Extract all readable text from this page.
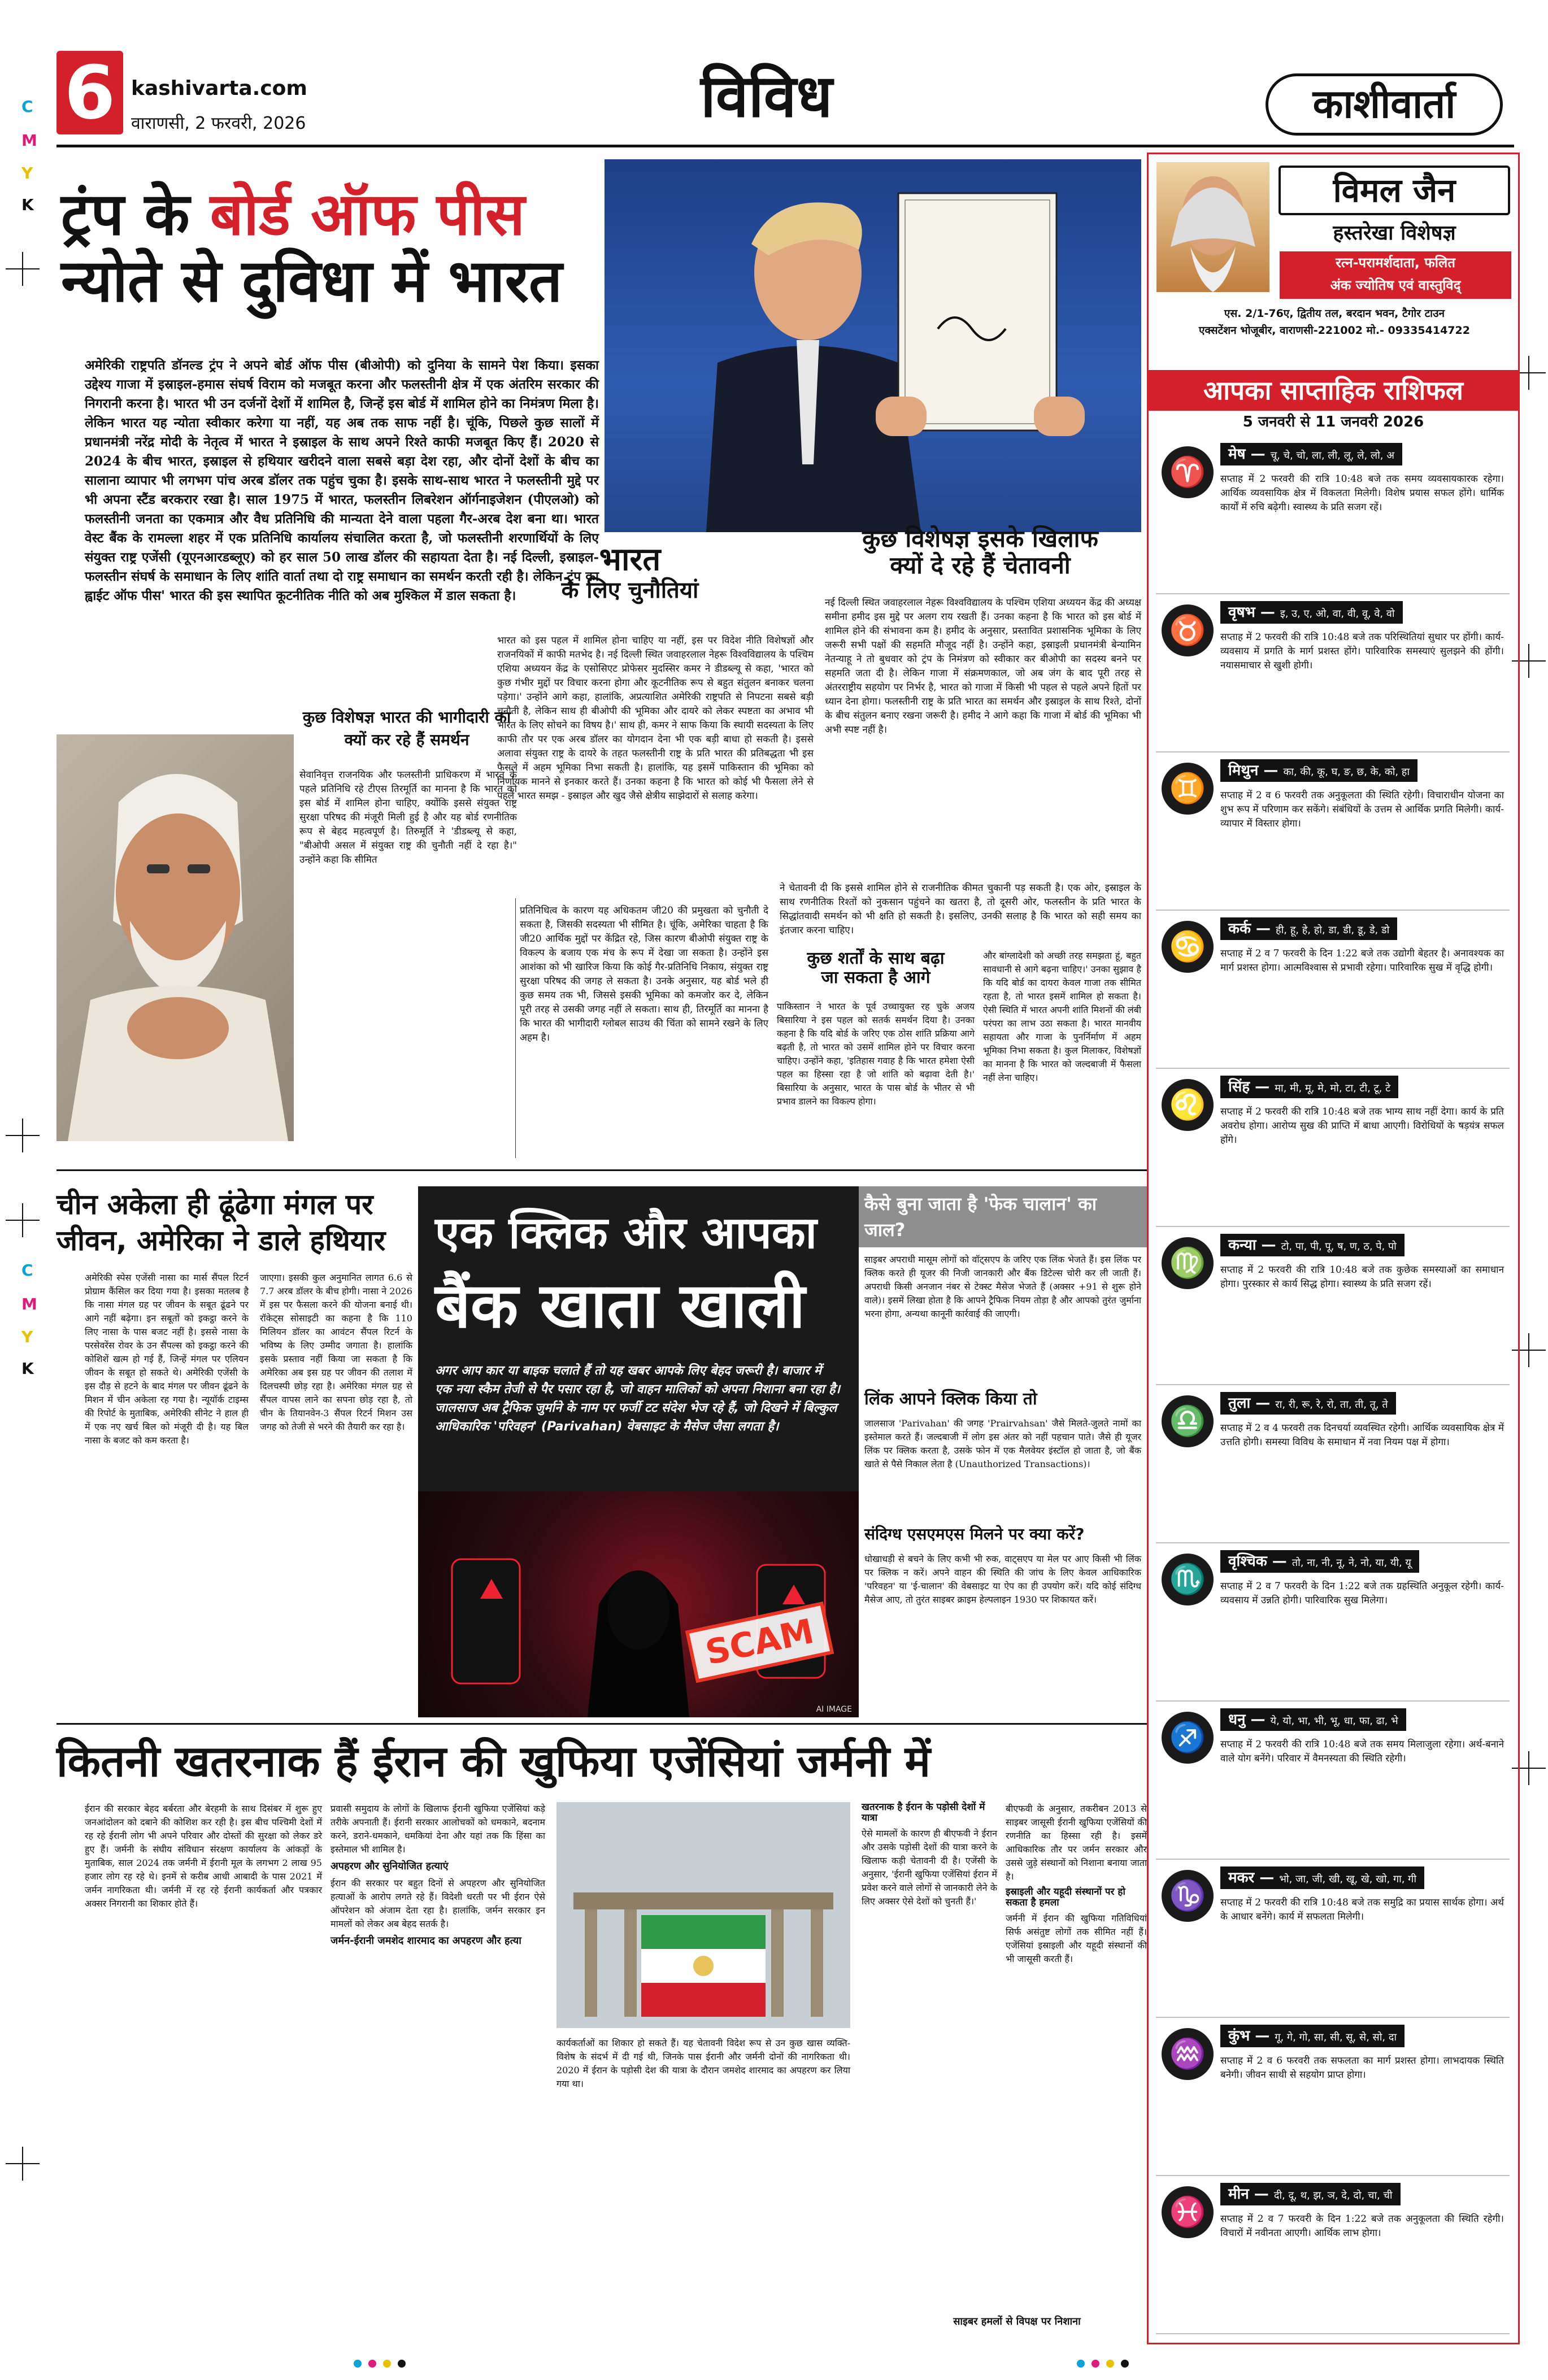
6 kashivarta.com
वाराणसी, 2 फरवरी, 2026	विविध	काशीवार्ता
C
M
Y
K
C
M
Y
K
ट्रंप के बोर्ड ऑफ पीस
न्योते से दुविधा में भारत
अमेरिकी राष्ट्रपति डॉनल्ड ट्रंप ने अपने बोर्ड ऑफ पीस (बीओपी) को दुनिया के सामने पेश किया। इसका उद्देश्य गाजा में इस्राइल-हमास संघर्ष विराम को मजबूत करना और फलस्तीनी क्षेत्र में एक अंतरिम सरकार की निगरानी करना है। भारत भी उन दर्जनों देशों में शामिल है, जिन्हें इस बोर्ड में शामिल होने का निमंत्रण मिला है। लेकिन भारत यह न्योता स्वीकार करेगा या नहीं, यह अब तक साफ नहीं है। चूंकि, पिछले कुछ सालों में प्रधानमंत्री नरेंद्र मोदी के नेतृत्व में भारत ने इस्राइल के साथ अपने रिश्ते काफी मजबूत किए हैं। 2020 से 2024 के बीच भारत, इस्राइल से हथियार खरीदने वाला सबसे बड़ा देश रहा, और दोनों देशों के बीच का सालाना व्यापार भी लगभग पांच अरब डॉलर तक पहुंच चुका है। इसके साथ-साथ भारत ने फलस्तीनी मुद्दे पर भी अपना स्टैंड बरकरार रखा है। साल 1975 में भारत, फलस्तीन लिबरेशन ऑर्गनाइजेशन (पीएलओ) को फलस्तीनी जनता का एकमात्र और वैध प्रतिनिधि की मान्यता देने वाला पहला गैर-अरब देश बना था। भारत वेस्ट बैंक के रामल्ला शहर में एक प्रतिनिधि कार्यालय संचालित करता है, जो फलस्तीनी शरणार्थियों के लिए संयुक्त राष्ट्र एजेंसी (यूएनआरडब्लूए) को हर साल 50 लाख डॉलर की सहायता देता है। नई दिल्ली, इस्राइल-फलस्तीन संघर्ष के समाधान के लिए शांति वार्ता तथा दो राष्ट्र समाधान का समर्थन करती रही है। लेकिन ट्रंप का ह्वाईट ऑफ पीस' भारत की इस स्थापित कूटनीतिक नीति को अब मुश्किल में डाल सकता है।
कुछ विशेषज्ञ भारत की भागीदारी का क्यों कर रहे हैं समर्थन
सेवानिवृत्त राजनयिक और फलस्तीनी प्राधिकरण में भारत के पहले प्रतिनिधि रहे टीएस तिरमूर्ति का मानना है कि भारत को इस बोर्ड में शामिल होना चाहिए, क्योंकि इससे संयुक्त राष्ट्र सुरक्षा परिषद की मंजूरी मिली हुई है और यह बोर्ड रणनीतिक रूप से बेहद महत्वपूर्ण है। तिरुमूर्ति ने 'डीडब्ल्यू से कहा, "बीओपी असल में संयुक्त राष्ट्र की चुनौती नहीं दे रहा है।" उन्होंने कहा कि सीमित
भारत
के लिए चुनौतियां
भारत को इस पहल में शामिल होना चाहिए या नहीं, इस पर विदेश नीति विशेषज्ञों और राजनयिकों में काफी मतभेद है। नई दिल्ली स्थित जवाहरलाल नेहरू विश्वविद्यालय के पश्चिम एशिया अध्ययन केंद्र के एसोसिएट प्रोफेसर मुदस्सिर कमर ने डीडब्ल्यू से कहा, 'भारत को कुछ गंभीर मुद्दों पर विचार करना होगा और कूटनीतिक रूप से बहुत संतुलन बनाकर चलना पड़ेगा।' उन्होंने आगे कहा, हालांकि, अप्रत्याशित अमेरिकी राष्ट्रपति से निपटना सबसे बड़ी चुनौती है, लेकिन साथ ही बीओपी की भूमिका और दायरे को लेकर स्पष्टता का अभाव भी भारत के लिए सोचने का विषय है।' साथ ही, कमर ने साफ किया कि स्थायी सदस्यता के लिए काफी तौर पर एक अरब डॉलर का योगदान देना भी एक बड़ी बाधा हो सकती है। इससे अलावा संयुक्त राष्ट्र के दायरे के तहत फलस्तीनी राष्ट्र के प्रति भारत की प्रतिबद्धता भी इस फैसले में अहम भूमिका निभा सकती है। हालांकि, यह इसमें पाकिस्तान की भूमिका को निर्णायक मानने से इनकार करते हैं। उनका कहना है कि भारत को कोई भी फैसला लेने से पहले भारत समझ - इस्राइल और खुद जैसे क्षेत्रीय साझेदारों से सलाह करेगा।
प्रतिनिधित्व के कारण यह अधिकतम जी20 की प्रमुखता को चुनौती दे सकता है, जिसकी सदस्यता भी सीमित है। चूंकि, अमेरिका चाहता है कि जी20 आर्थिक मुद्दों पर केंद्रित रहे, जिस कारण बीओपी संयुक्त राष्ट्र के विकल्प के बजाय एक मंच के रूप में देखा जा सकता है। उन्होंने इस आशंका को भी खारिज किया कि कोई गैर-प्रतिनिधि निकाय, संयुक्त राष्ट्र सुरक्षा परिषद की जगह ले सकता है। उनके अनुसार, यह बोर्ड भले ही कुछ समय तक भी, जिससे इसकी भूमिका को कमजोर कर दे, लेकिन पूरी तरह से उसकी जगह नहीं ले सकता। साथ ही, तिरमूर्ति का मानना है कि भारत की भागीदारी ग्लोबल साउथ की चिंता को सामने रखने के लिए अहम है।
कुछ विशेषज्ञ इसके खिलाफ
क्यों दे रहे हैं चेतावनी
नई दिल्ली स्थित जवाहरलाल नेहरू विश्वविद्यालय के पश्चिम एशिया अध्ययन केंद्र की अध्यक्ष समीना हमीद इस मुद्दे पर अलग राय रखती हैं। उनका कहना है कि भारत को इस बोर्ड में शामिल होने की संभावना कम है। हमीद के अनुसार, प्रस्तावित प्रशासनिक भूमिका के लिए जरूरी सभी पक्षों की सहमति मौजूद नहीं है। उन्होंने कहा, इस्राइली प्रधानमंत्री बेन्यामिन नेतन्याहू ने तो बुधवार को ट्रंप के निमंत्रण को स्वीकार कर बीओपी का सदस्य बनने पर सहमति जता दी है। लेकिन गाजा में संक्रमणकाल, जो अब जंग के बाद पूरी तरह से अंतरराष्ट्रीय सहयोग पर निर्भर है, भारत को गाजा में किसी भी पहल से पहले अपने हितों पर ध्यान देना होगा। फलस्तीनी राष्ट्र के प्रति भारत का समर्थन और इस्राइल के साथ रिश्ते, दोनों के बीच संतुलन बनाए रखना जरूरी है। हमीद ने आगे कहा कि गाजा में बोर्ड की भूमिका भी अभी स्पष्ट नहीं है।
ने चेतावनी दी कि इससे शामिल होने से राजनीतिक कीमत चुकानी पड़ सकती है। एक ओर, इस्राइल के साथ रणनीतिक रिश्तों को नुकसान पहुंचने का खतरा है, तो दूसरी ओर, फलस्तीन के प्रति भारत के सिद्धांतवादी समर्थन को भी क्षति हो सकती है। इसलिए, उनकी सलाह है कि भारत को सही समय का इंतजार करना चाहिए।
कुछ शर्तों के साथ बढ़ा
जा सकता है आगे
पाकिस्तान ने भारत के पूर्व उच्चायुक्त रह चुके अजय बिसारिया ने इस पहल को सतर्क समर्थन दिया है। उनका कहना है कि यदि बोर्ड के जरिए एक ठोस शांति प्रक्रिया आगे बढ़ती है, तो भारत को उसमें शामिल होने पर विचार करना चाहिए। उन्होंने कहा, 'इतिहास गवाह है कि भारत हमेशा ऐसी पहल का हिस्सा रहा है जो शांति को बढ़ावा देती है।' बिसारिया के अनुसार, भारत के पास बोर्ड के भीतर से भी प्रभाव डालने का विकल्प होगा।
और बांग्लादेशी को अच्छी तरह समझता हूं, बहुत सावधानी से आगे बढ़ना चाहिए।' उनका सुझाव है कि यदि बोर्ड का दायरा केवल गाजा तक सीमित रहता है, तो भारत इसमें शामिल हो सकता है। ऐसी स्थिति में भारत अपनी शांति मिशनों की लंबी परंपरा का लाभ उठा सकता है। भारत मानवीय सहायता और गाजा के पुनर्निर्माण में अहम भूमिका निभा सकता है। कुल मिलाकर, विशेषज्ञों का मानना है कि भारत को जल्दबाजी में फैसला नहीं लेना चाहिए।
चीन अकेला ही ढूंढेगा मंगल पर
जीवन, अमेरिका ने डाले हथियार
अमेरिकी स्पेस एजेंसी नासा का मार्स सैंपल रिटर्न प्रोग्राम कैंसिल कर दिया गया है। इसका मतलब है कि नासा मंगल ग्रह पर जीवन के सबूत ढूंढने पर आगे नहीं बढ़ेगा। इन सबूतों को इकट्ठा करने के लिए नासा के पास बजट नहीं है। इससे नासा के परसेवरेंस रोवर के उन सैंपल्स को इकट्ठा करने की कोशिशें खत्म हो गई हैं, जिन्हें मंगल पर एलियन जीवन के सबूत हो सकते थे। अमेरिकी एजेंसी के इस दौड़ से हटने के बाद मंगल पर जीवन ढूंढने के मिशन में चीन अकेला रह गया है। न्यूयॉर्क टाइम्स की रिपोर्ट के मुताबिक, अमेरिकी सीनेट ने हाल ही में एक नए खर्च बिल को मंजूरी दी है। यह बिल नासा के बजट को कम करता है।
जाएगा। इसकी कुल अनुमानित लागत 6.6 से 7.7 अरब डॉलर के बीच होगी। नासा ने 2026 में इस पर फैसला करने की योजना बनाई थी। रॉकेट्स सोसाइटी का कहना है कि 110 मिलियन डॉलर का आवंटन सैंपल रिटर्न के भविष्य के लिए उम्मीद जगाता है। हालांकि इसके प्रस्ताव नहीं किया जा सकता है कि अमेरिका अब इस ग्रह पर जीवन की तलाश में दिलचस्पी छोड़ रहा है। अमेरिका मंगल ग्रह से सैंपल वापस लाने का सपना छोड़ रहा है, तो चीन के तियानवेन-3 सैंपल रिटर्न मिशन उस जगह को तेजी से भरने की तैयारी कर रहा है।
एक क्लिक और आपका
बैंक खाता खाली
अगर आप कार या बाइक चलाते हैं तो यह खबर आपके लिए बेहद जरूरी है। बाजार में एक नया स्कैम तेजी से पैर पसार रहा है, जो वाहन मालिकों को अपना निशाना बना रहा है। जालसाज अब ट्रैफिक जुर्माने के नाम पर फर्जी टट संदेश भेज रहे हैं, जो दिखने में बिल्कुल आधिकारिक 'परिवहन' (Parivahan) वेबसाइट के मैसेज जैसा लगता है।
SCAM
AI IMAGE
कैसे बुना जाता है 'फेक चालान' का जाल?
साइबर अपराधी मासूम लोगों को वॉट्सएप के जरिए एक लिंक भेजते हैं। इस लिंक पर क्लिक करते ही यूजर की निजी जानकारी और बैंक डिटेल्स चोरी कर ली जाती हैं। अपराधी किसी अनजान नंबर से टेक्स्ट मैसेज भेजते हैं (अक्सर +91 से शुरू होने वाले)। इसमें लिखा होता है कि आपने ट्रैफिक नियम तोड़ा है और आपको तुरंत जुर्माना भरना होगा, अन्यथा कानूनी कार्रवाई की जाएगी।
लिंक आपने क्लिक किया तो
जालसाज 'Parivahan' की जगह 'Prairvahsan' जैसे मिलते-जुलते नामों का इस्तेमाल करते हैं। जल्दबाजी में लोग इस अंतर को नहीं पहचान पाते। जैसे ही यूजर लिंक पर क्लिक करता है, उसके फोन में एक मैलवेयर इंस्टॉल हो जाता है, जो बैंक खाते से पैसे निकाल लेता है (Unauthorized Transactions)।
संदिग्ध एसएमएस मिलने पर क्या करें?
धोखाधड़ी से बचने के लिए कभी भी रुक, वाट्सएप या मेल पर आए किसी भी लिंक पर क्लिक न करें। अपने वाहन की स्थिति की जांच के लिए केवल आधिकारिक 'परिवहन' या 'ई-चालान' की वेबसाइट या ऐप का ही उपयोग करें। यदि कोई संदिग्ध मैसेज आए, तो तुरंत साइबर क्राइम हेल्पलाइन 1930 पर शिकायत करें।
कितनी खतरनाक हैं ईरान की खुफिया एजेंसियां जर्मनी में
ईरान की सरकार बेहद बर्बरता और बेरहमी के साथ दिसंबर में शुरू हुए जनआंदोलन को दबाने की कोशिश कर रही है। इस बीच पश्चिमी देशों में रह रहे ईरानी लोग भी अपने परिवार और दोस्तों की सुरक्षा को लेकर डरे हुए हैं। जर्मनी के संघीय संविधान संरक्षण कार्यालय के आंकड़ों के मुताबिक, साल 2024 तक जर्मनी में ईरानी मूल के लगभग 2 लाख 95 हजार लोग रह रहे थे। इनमें से करीब आधी आबादी के पास 2021 में जर्मन नागरिकता थी। जर्मनी में रह रहे ईरानी कार्यकर्ता और पत्रकार अक्सर निगरानी का शिकार होते हैं।
प्रवासी समुदाय के लोगों के खिलाफ ईरानी खुफिया एजेंसियां कड़े तरीके अपनाती हैं। ईरानी सरकार आलोचकों को धमकाने, बदनाम करने, डराने-धमकाने, धमकियां देना और यहां तक कि हिंसा का इस्तेमाल भी शामिल है।
अपहरण और सुनियोजित हत्याएं
ईरान की सरकार पर बहुत दिनों से अपहरण और सुनियोजित हत्याओं के आरोप लगते रहे हैं। विदेशी धरती पर भी ईरान ऐसे ऑपरेशन को अंजाम देता रहा है। हालांकि, जर्मन सरकार इन मामलों को लेकर अब बेहद सतर्क है।
जर्मन-ईरानी जमशेद शारमाद का अपहरण और हत्या
कार्यकर्ताओं का शिकार हो सकते हैं। यह चेतावनी विदेश रूप से उन कुछ खास व्यक्ति-विशेष के संदर्भ में दी गई थी, जिनके पास ईरानी और जर्मनी दोनों की नागरिकता थी। 2020 में ईरान के पड़ोसी देश की यात्रा के दौरान जमशेद शारमाद का अपहरण कर लिया गया था।
खतरनाक है ईरान के पड़ोसी देशों में यात्रा
ऐसे मामलों के कारण ही बीएफवी ने ईरान और उसके पड़ोसी देशों की यात्रा करने के खिलाफ कड़ी चेतावनी दी है। एजेंसी के अनुसार, 'ईरानी खुफिया एजेंसियां ईरान में प्रवेश करने वाले लोगों से जानकारी लेने के लिए अक्सर ऐसे देशों को चुनती हैं।'
बीएफवी के अनुसार, तकरीबन 2013 से साइबर जासूसी ईरानी खुफिया एजेंसियों की रणनीति का हिस्सा रही है। इसमें आधिकारिक तौर पर जर्मन सरकार और उससे जुड़े संस्थानों को निशाना बनाया जाता है।
इस्राइली और यहूदी संस्थानों पर हो सकता है हमला
जर्मनी में ईरान की खुफिया गतिविधियां सिर्फ असंतुष्ट लोगों तक सीमित नहीं हैं। एजेंसियां इस्राइली और यहूदी संस्थानों की भी जासूसी करती हैं।
साइबर हमलों से विपक्ष पर निशाना
विमल जैन
हस्तरेखा विशेषज्ञ
रत्न-परामर्शदाता, फलित
अंक ज्योतिष एवं वास्तुविद्
एस. 2/1-76ए, द्वितीय तल, बरदान भवन, टैगोर टाउन
एक्सटेंशन भोजूबीर, वाराणसी-221002 मो.- 09335414722
आपका साप्ताहिक राशिफल
5 जनवरी से 11 जनवरी 2026
♈
मेष — चू, चे, चो, ला, ली, लू, ले, लो, अ
सप्ताह में 2 फरवरी की रात्रि 10:48 बजे तक समय व्यवसायकारक रहेगा। आर्थिक व्यवसायिक क्षेत्र में विकलता मिलेगी। विशेष प्रयास सफल होंगे। धार्मिक कार्यों में रुचि बढ़ेगी। स्वास्थ्य के प्रति सजग रहें।
♉
वृषभ — इ, उ, ए, ओ, वा, वी, वू, वे, वो
सप्ताह में 2 फरवरी की रात्रि 10:48 बजे तक परिस्थितियां सुधार पर होंगी। कार्य-व्यवसाय में प्रगति के मार्ग प्रशस्त होंगे। पारिवारिक समस्याएं सुलझने की होंगी। नयासमाचार से खुशी होगी।
♊
मिथुन — का, की, कू, घ, ङ, छ, के, को, हा
सप्ताह में 2 व 6 फरवरी तक अनुकूलता की स्थिति रहेगी। विचाराधीन योजना का शुभ रूप में परिणाम कर सकेंगे। संबंधियों के उत्तम से आर्थिक प्रगति मिलेगी। कार्य-व्यापार में विस्तार होगा।
♋
कर्क — ही, हू, हे, हो, डा, डी, डू, डे, डो
सप्ताह में 2 व 7 फरवरी के दिन 1:22 बजे तक उद्योगी बेहतर है। अनावश्यक का मार्ग प्रशस्त होगा। आत्मविश्वास से प्रभावी रहेगा। पारिवारिक सुख में वृद्धि होगी।
♌
सिंह — मा, मी, मू, मे, मो, टा, टी, टू, टे
सप्ताह में 2 फरवरी की रात्रि 10:48 बजे तक भाग्य साथ नहीं देगा। कार्य के प्रति अवरोध होगा। आरोप्य सुख की प्राप्ति में बाधा आएगी। विरोधियों के षड़यंत्र सफल होंगे।
♍
कन्या — टो, पा, पी, पू, ष, ण, ठ, पे, पो
सप्ताह में 2 फरवरी की रात्रि 10:48 बजे तक कुछेक समस्याओं का समाधान होगा। पुरस्कार से कार्य सिद्ध होगा। स्वास्थ्य के प्रति सजग रहें।
♎
तुला — रा, री, रू, रे, रो, ता, ती, तू, ते
सप्ताह में 2 व 4 फरवरी तक दिनचर्या व्यवस्थित रहेगी। आर्थिक व्यवसायिक क्षेत्र में उत्तति होगी। समस्या विविध के समाधान में नवा नियम पक्ष में होगा।
♏
वृश्चिक — तो, ना, नी, नू, ने, नो, या, यी, यू
सप्ताह में 2 व 7 फरवरी के दिन 1:22 बजे तक ग्रहस्थिति अनुकूल रहेगी। कार्य-व्यवसाय में उन्नति होगी। पारिवारिक सुख मिलेगा।
♐
धनु — ये, यो, भा, भी, भू, धा, फा, ढा, भे
सप्ताह में 2 फरवरी की रात्रि 10:48 बजे तक समय मिलाजुला रहेगा। अर्थ-बनाने वाले योग बनेंगे। परिवार में वैमनस्यता की स्थिति रहेगी।
♑
मकर — भो, जा, जी, खी, खू, खे, खो, गा, गी
सप्ताह में 2 फरवरी की रात्रि 10:48 बजे तक समुद्रि का प्रयास सार्थक होगा। अर्थ के आधार बनेंगे। कार्य में सफलता मिलेगी।
♒
कुंभ — गू, गे, गो, सा, सी, सू, से, सो, दा
सप्ताह में 2 व 6 फरवरी तक सफलता का मार्ग प्रशस्त होगा। लाभदायक स्थिति बनेगी। जीवन साथी से सहयोग प्राप्त होगा।
♓
मीन — दी, दू, थ, झ, ञ, दे, दो, चा, ची
सप्ताह में 2 व 7 फरवरी के दिन 1:22 बजे तक अनुकूलता की स्थिति रहेगी। विचारों में नवीनता आएगी। आर्थिक लाभ होगा।
